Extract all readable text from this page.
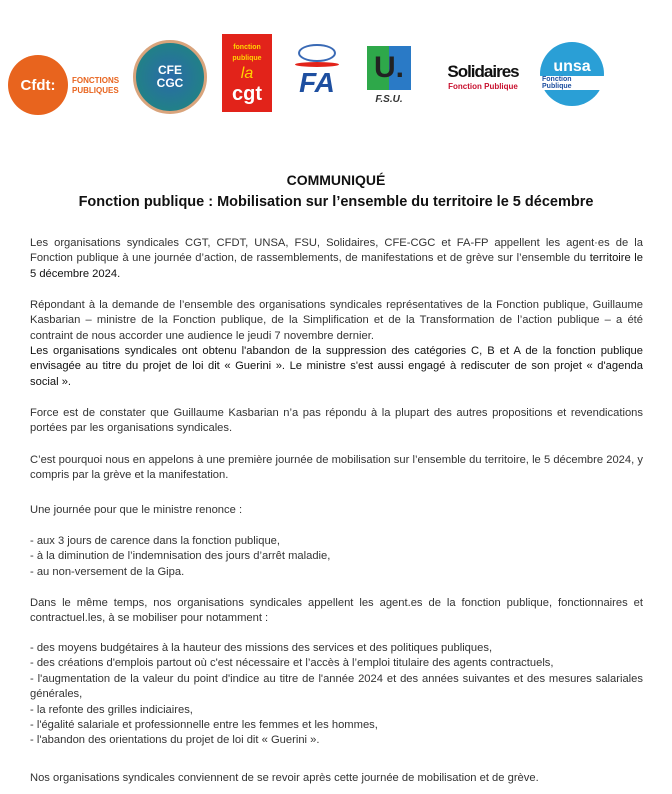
Cfdt:	FONCTIONS
PUBLIQUES
CFE
CGC
fonction publique
la
cgt FA U.
F.S.U.
Solidaires
Fonction Publique
unsa
Fonction Publique
COMMUNIQUÉ
Fonction publique : Mobilisation sur l’ensemble du territoire le 5 décembre
Les organisations syndicales CGT, CFDT, UNSA, FSU, Solidaires, CFE-CGC et FA-FP appellent les agent·es de la Fonction publique à une journée d’action, de rassemblements, de manifestations et de grève sur l’ensemble du territoire le 5 décembre 2024.
Répondant à la demande de l’ensemble des organisations syndicales représentatives de la Fonction publique, Guillaume Kasbarian – ministre de la Fonction publique, de la Simplification et de la Transformation de l’action publique – a été contraint de nous accorder une audience le jeudi 7 novembre dernier.
Les organisations syndicales ont obtenu l'abandon de la suppression des catégories C, B et A de la fonction publique envisagée au titre du projet de loi dit « Guerini ». Le ministre s'est aussi engagé à rediscuter de son projet « d'agenda social ».
Force est de constater que Guillaume Kasbarian n’a pas répondu à la plupart des autres propositions et revendications portées par les organisations syndicales.
C’est pourquoi nous en appelons à une première journée de mobilisation sur l’ensemble du territoire, le 5 décembre 2024, y compris par la grève et la manifestation.
Une journée pour que le ministre renonce :
- aux 3 jours de carence dans la fonction publique,
- à la diminution de l’indemnisation des jours d’arrêt maladie,
- au non-versement de la Gipa.
Dans le même temps, nos organisations syndicales appellent les agent.es de la fonction publique, fonctionnaires et contractuel.les, à se mobiliser pour notamment :
- des moyens budgétaires à la hauteur des missions des services et des politiques publiques,
- des créations d'emplois partout où c'est nécessaire et l’accès à l’emploi titulaire des agents contractuels,
- l'augmentation de la valeur du point d'indice au titre de l'année 2024 et des années suivantes et des mesures salariales générales,
- la refonte des grilles indiciaires,
- l'égalité salariale et professionnelle entre les femmes et les hommes,
- l'abandon des orientations du projet de loi dit « Guerini ».
Nos organisations syndicales conviennent de se revoir après cette journée de mobilisation et de grève.
